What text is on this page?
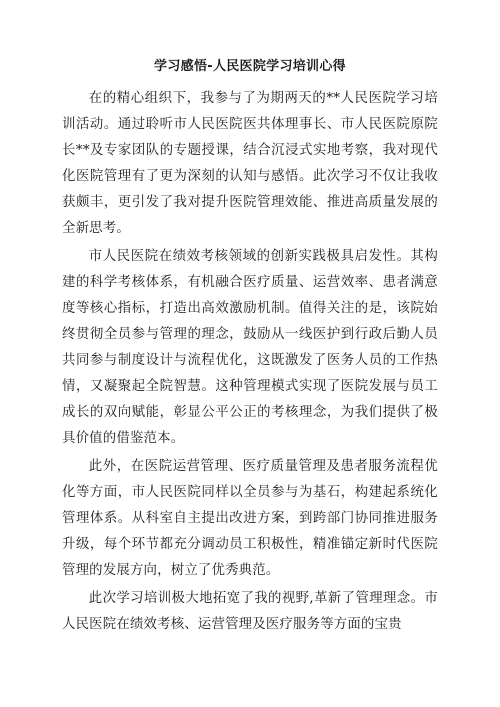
学习感悟-人民医院学习培训心得

在的精心组织下，我参与了为期两天的**人民医院学习培训活动。通过聆听市人民医院医共体理事长、市人民医院原院长**及专家团队的专题授课，结合沉浸式实地考察，我对现代化医院管理有了更为深刻的认知与感悟。此次学习不仅让我收获颇丰，更引发了我对提升医院管理效能、推进高质量发展的全新思考。

市人民医院在绩效考核领域的创新实践极具启发性。其构建的科学考核体系，有机融合医疗质量、运营效率、患者满意度等核心指标，打造出高效激励机制。值得关注的是，该院始终贯彻全员参与管理的理念，鼓励从一线医护到行政后勤人员共同参与制度设计与流程优化，这既激发了医务人员的工作热情，又凝聚起全院智慧。这种管理模式实现了医院发展与员工成长的双向赋能，彰显公平公正的考核理念，为我们提供了极具价值的借鉴范本。

此外，在医院运营管理、医疗质量管理及患者服务流程优化等方面，市人民医院同样以全员参与为基石，构建起系统化管理体系。从科室自主提出改进方案，到跨部门协同推进服务升级，每个环节都充分调动员工积极性，精准锚定新时代医院管理的发展方向，树立了优秀典范。

此次学习培训极大地拓宽了我的视野,革新了管理理念。市人民医院在绩效考核、运营管理及医疗服务等方面的宝贵
